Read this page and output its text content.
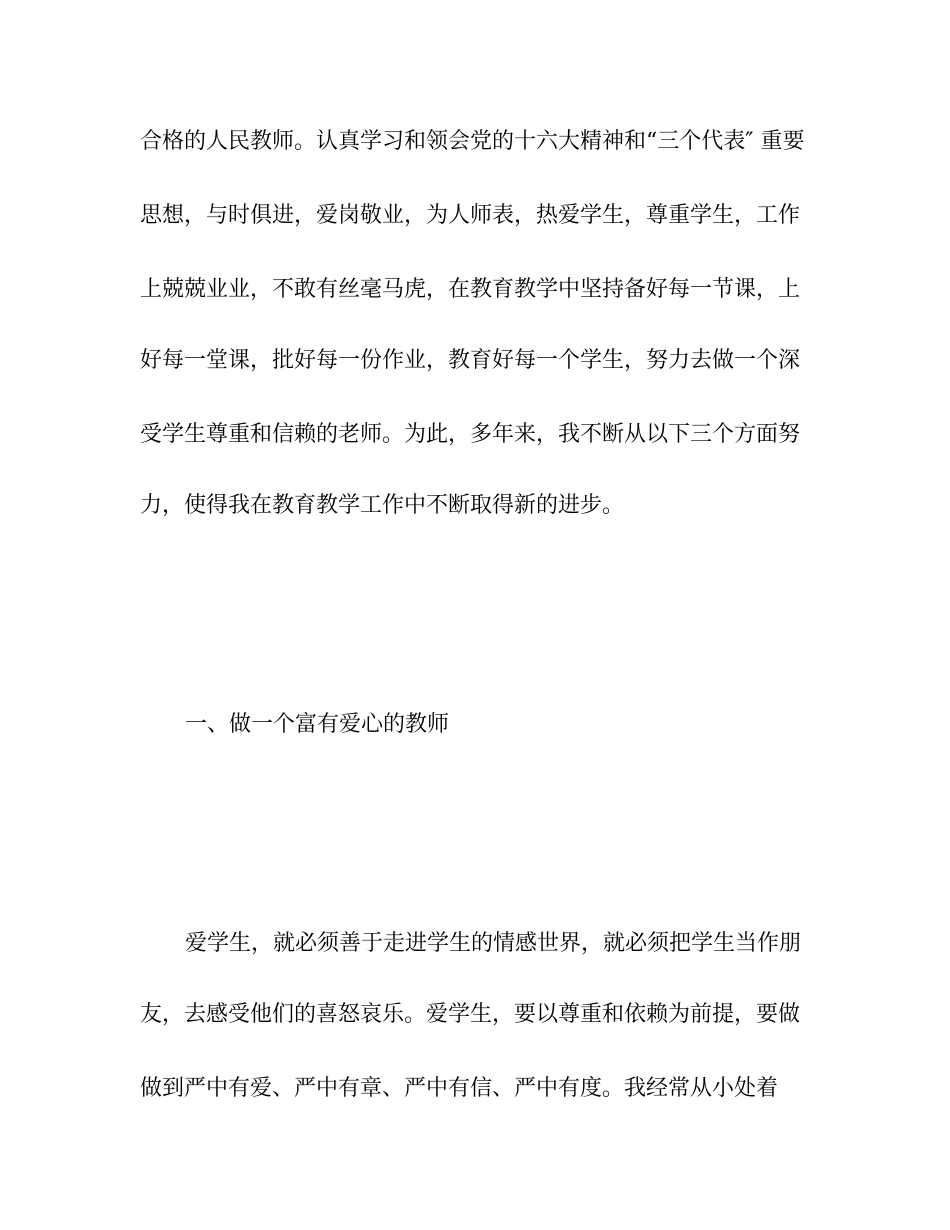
合格的人民教师。认真学习和领会党的十六大精神和“三个代表″ 重要
思想，与时俱进，爱岗敬业，为人师表，热爱学生，尊重学生，工作
上兢兢业业，不敢有丝毫马虎，在教育教学中坚持备好每一节课，上
好每一堂课，批好每一份作业，教育好每一个学生，努力去做一个深
受学生尊重和信赖的老师。为此，多年来，我不断从以下三个方面努
力，使得我在教育教学工作中不断取得新的进步。
一、做一个富有爱心的教师
爱学生，就必须善于走进学生的情感世界，就必须把学生当作朋
友，去感受他们的喜怒哀乐。爱学生，要以尊重和依赖为前提，要做
做到严中有爱、严中有章、严中有信、严中有度。我经常从小处着
